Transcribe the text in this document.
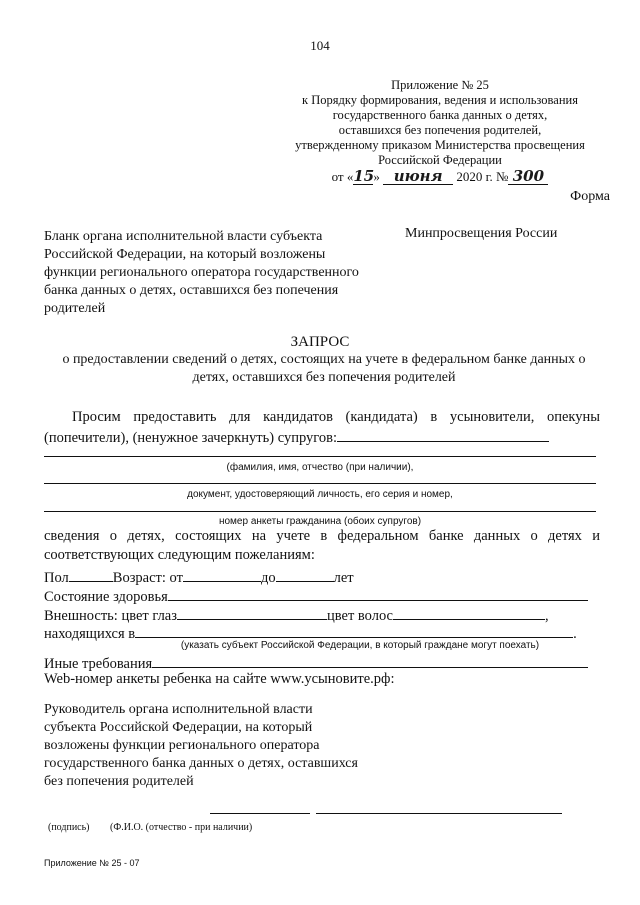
104
Приложение № 25
к Порядку формирования, ведения и использования
государственного банка данных о детях,
оставшихся без попечения родителей,
утвержденному приказом Министерства просвещения
Российской Федерации
от «15» июня 2020 г. № 300
Форма
Бланк органа исполнительной власти субъекта Российской Федерации, на который возложены функции регионального оператора государственного банка данных о детях, оставшихся без попечения родителей
Минпросвещения России
ЗАПРОС
о предоставлении сведений о детях, состоящих на учете в федеральном банке данных о детях, оставшихся без попечения родителей
Просим предоставить для кандидатов (кандидата) в усыновители, опекуны (попечители), (ненужное зачеркнуть) супругов:
(фамилия, имя, отчество (при наличии),
документ, удостоверяющий личность, его серия и номер,
номер анкеты гражданина (обоих супругов)
сведения о детях, состоящих на учете в федеральном банке данных о детях и соответствующих следующим пожеланиям:
Пол	Возраст: от	до	лет
Состояние здоровья
Внешность: цвет глаз	цвет волос	,
находящихся в	.
(указать субъект Российской Федерации, в который граждане могут поехать)
Иные требования
Web-номер анкеты ребенка на сайте www.усыновите.рф:
Руководитель органа исполнительной власти субъекта Российской Федерации, на который возложены функции регионального оператора государственного банка данных о детях, оставшихся без попечения родителей
(подпись) (Ф.И.О. (отчество - при наличии)
Приложение № 25 - 07
